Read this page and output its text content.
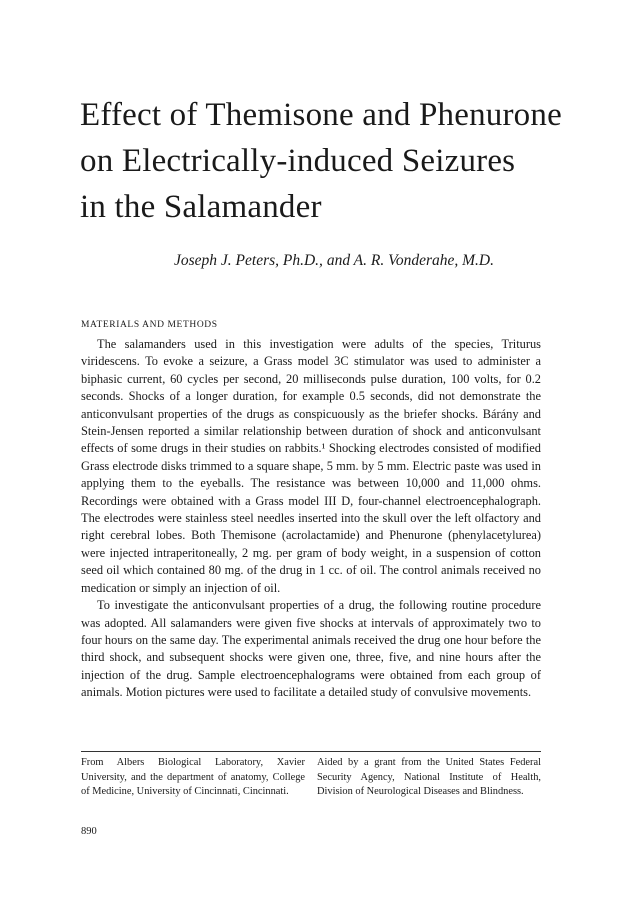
Effect of Themisone and Phenurone
on Electrically-induced Seizures
in the Salamander
Joseph J. Peters, Ph.D., and A. R. Vonderahe, M.D.
MATERIALS AND METHODS

The salamanders used in this investigation were adults of the species, Triturus viridescens. To evoke a seizure, a Grass model 3C stimulator was used to administer a biphasic current, 60 cycles per second, 20 milliseconds pulse duration, 100 volts, for 0.2 seconds. Shocks of a longer duration, for example 0.5 seconds, did not demonstrate the anticonvulsant properties of the drugs as conspicuously as the briefer shocks. Bárány and Stein-Jensen reported a similar relationship between duration of shock and anticonvulsant effects of some drugs in their studies on rabbits.¹ Shocking electrodes consisted of modified Grass electrode disks trimmed to a square shape, 5 mm. by 5 mm. Electric paste was used in applying them to the eyeballs. The resistance was between 10,000 and 11,000 ohms. Recordings were obtained with a Grass model III D, four-channel electroencephalograph. The electrodes were stainless steel needles inserted into the skull over the left olfactory and right cerebral lobes. Both Themisone (acrolactamide) and Phenurone (phenylacetylurea) were injected intraperitoneally, 2 mg. per gram of body weight, in a suspension of cotton seed oil which contained 80 mg. of the drug in 1 cc. of oil. The control animals received no medication or simply an injection of oil.

To investigate the anticonvulsant properties of a drug, the following routine procedure was adopted. All salamanders were given five shocks at intervals of approximately two to four hours on the same day. The experimental animals received the drug one hour before the third shock, and subsequent shocks were given one, three, five, and nine hours after the injection of the drug. Sample electroencephalograms were obtained from each group of animals. Motion pictures were used to facilitate a detailed study of convulsive movements.

From Albers Biological Laboratory, Xavier University, and the department of anatomy, College of Medicine, University of Cincinnati, Cincinnati.
Aided by a grant from the United States Federal Security Agency, National Institute of Health, Division of Neurological Diseases and Blindness.
890
